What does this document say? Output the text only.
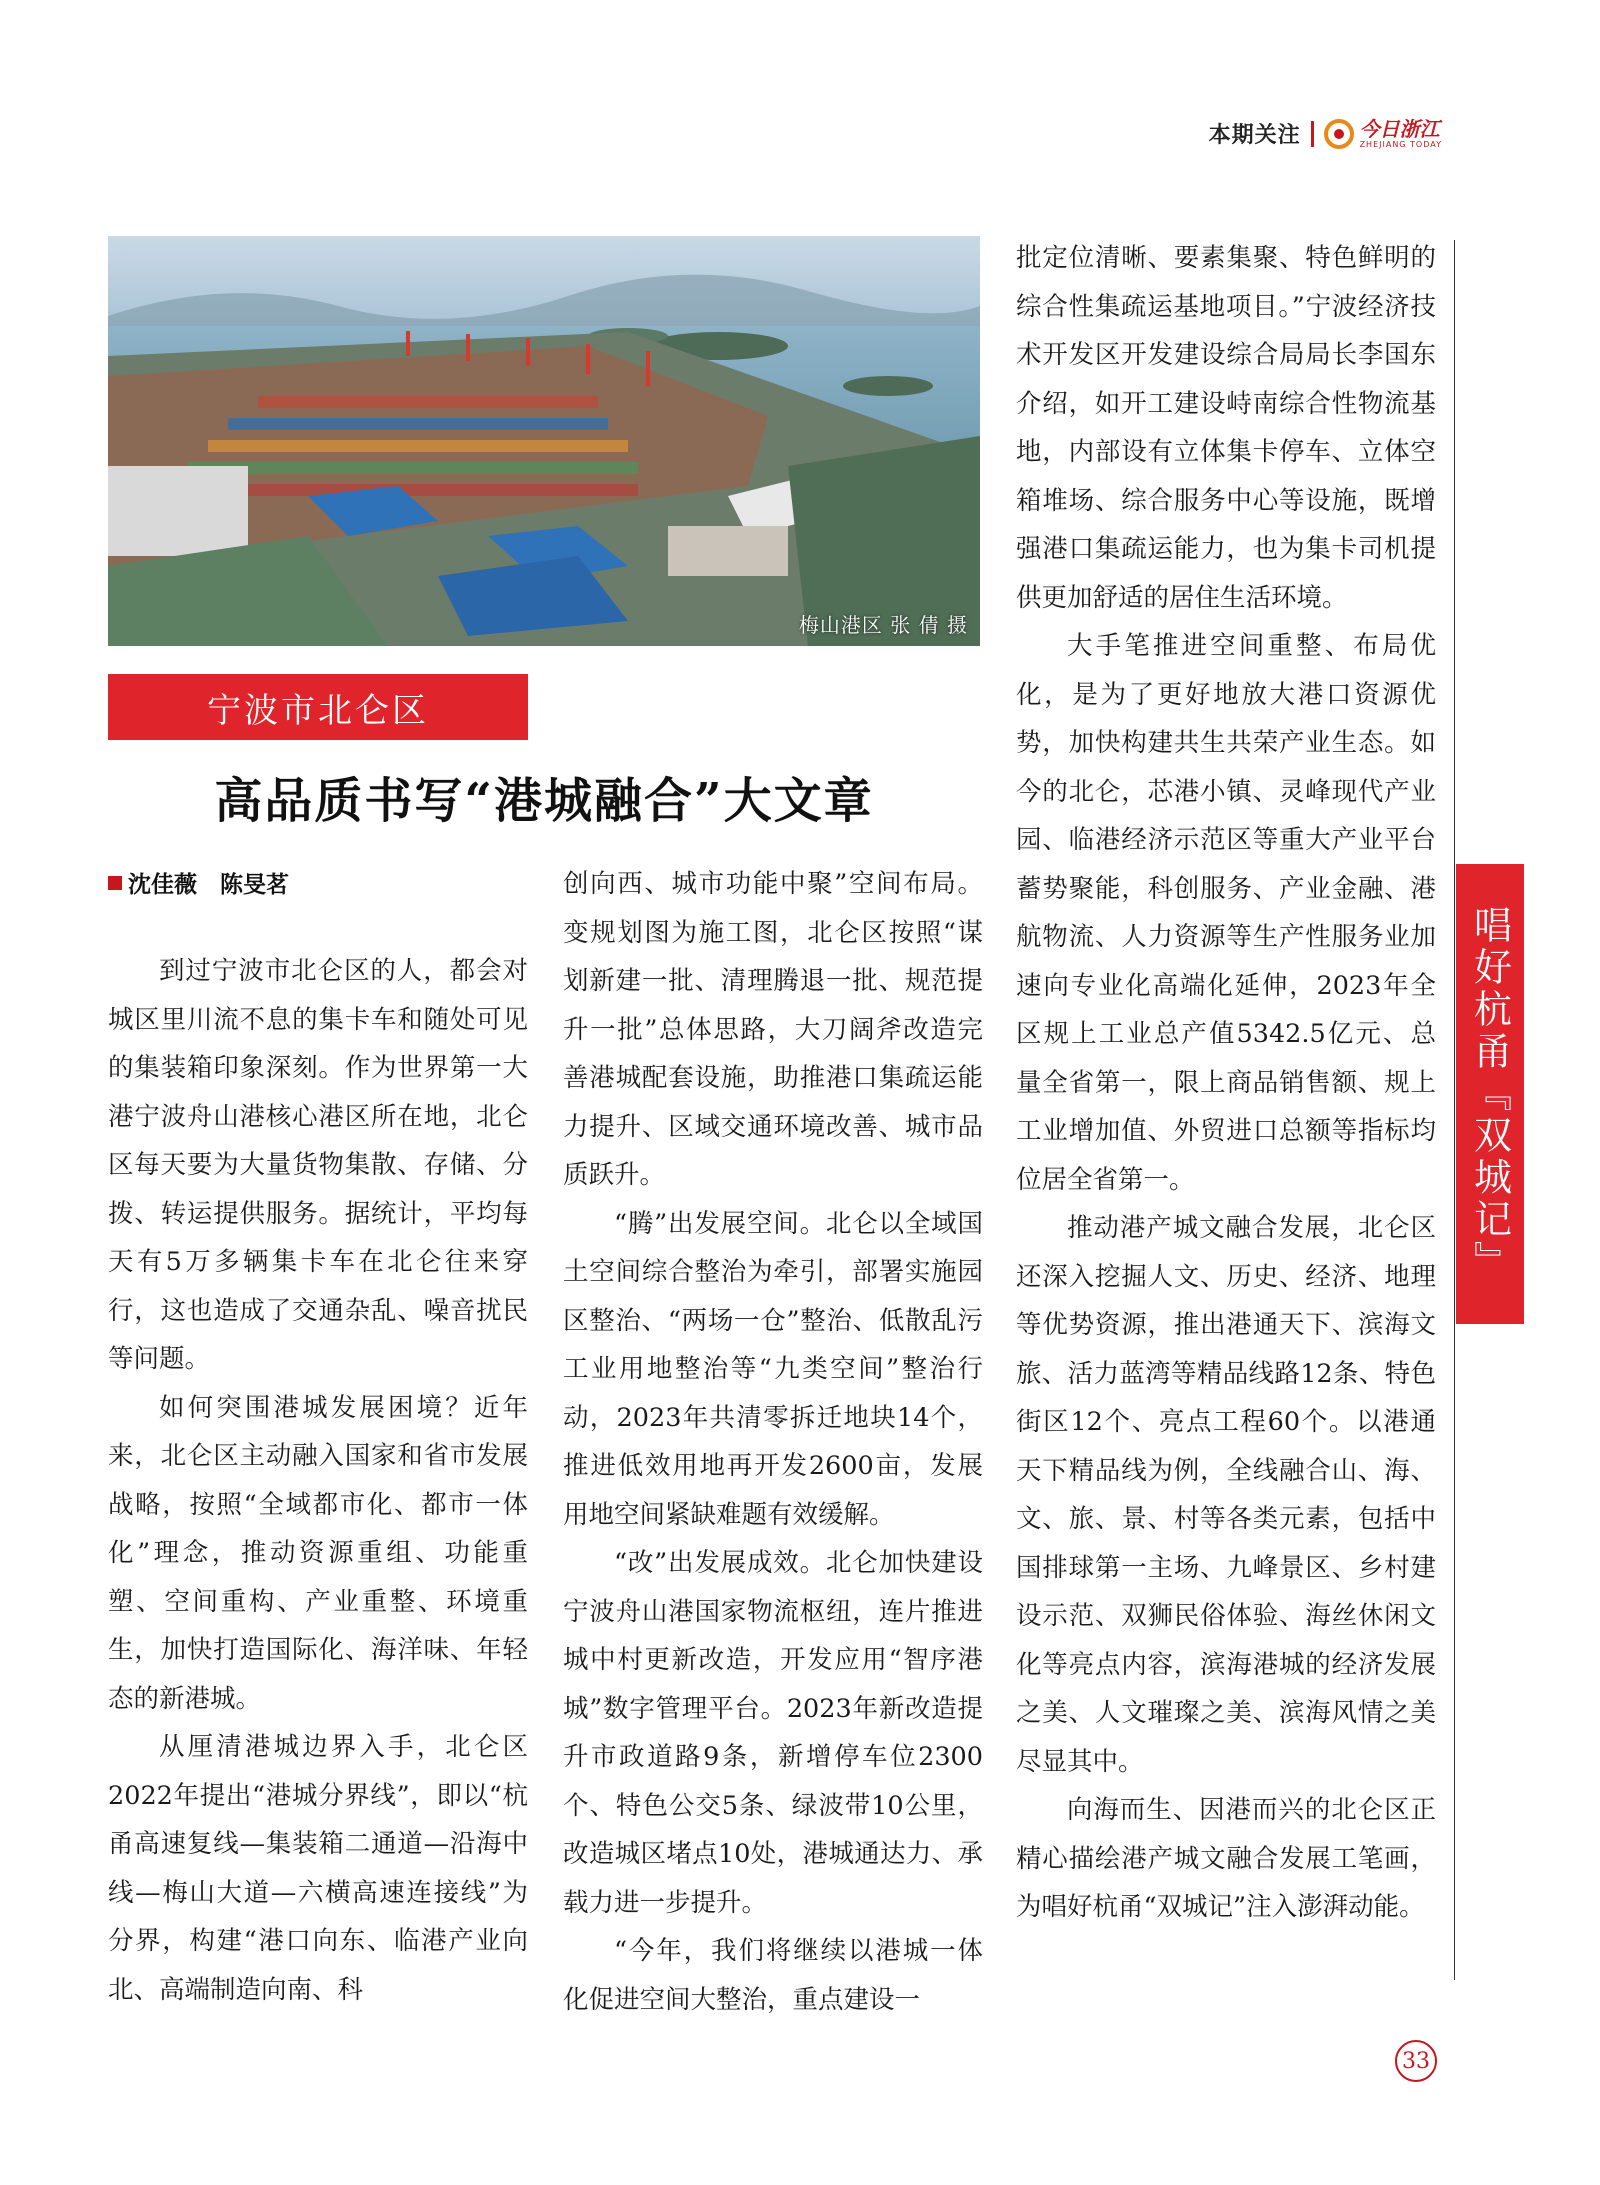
本期关注	今日浙江
ZHEJIANG TODAY
梅山港区 张 倩 摄
宁波市北仑区
高品质书写“港城融合”大文章
沈佳薇　陈旻茗

到过宁波市北仑区的人，都会对城区里川流不息的集卡车和随处可见的集装箱印象深刻。作为世界第一大港宁波舟山港核心港区所在地，北仑区每天要为大量货物集散、存储、分拨、转运提供服务。据统计，平均每天有5万多辆集卡车在北仑往来穿行，这也造成了交通杂乱、噪音扰民等问题。

如何突围港城发展困境？近年来，北仑区主动融入国家和省市发展战略，按照“全域都市化、都市一体化”理念，推动资源重组、功能重塑、空间重构、产业重整、环境重生，加快打造国际化、海洋味、年轻态的新港城。

从厘清港城边界入手，北仑区2022年提出“港城分界线”，即以“杭甬高速复线—集装箱二通道—沿海中线—梅山大道—六横高速连接线”为分界，构建“港口向东、临港产业向北、高端制造向南、科

创向西、城市功能中聚”空间布局。变规划图为施工图，北仑区按照“谋划新建一批、清理腾退一批、规范提升一批”总体思路，大刀阔斧改造完善港城配套设施，助推港口集疏运能力提升、区域交通环境改善、城市品质跃升。

“腾”出发展空间。北仑以全域国土空间综合整治为牵引，部署实施园区整治、“两场一仓”整治、低散乱污工业用地整治等“九类空间”整治行动，2023年共清零拆迁地块14个，推进低效用地再开发2600亩，发展用地空间紧缺难题有效缓解。

“改”出发展成效。北仑加快建设宁波舟山港国家物流枢纽，连片推进城中村更新改造，开发应用“智序港城”数字管理平台。2023年新改造提升市政道路9条，新增停车位2300个、特色公交5条、绿波带10公里，改造城区堵点10处，港城通达力、承载力进一步提升。

“今年，我们将继续以港城一体化促进空间大整治，重点建设一

批定位清晰、要素集聚、特色鲜明的综合性集疏运基地项目。”宁波经济技术开发区开发建设综合局局长李国东介绍，如开工建设峙南综合性物流基地，内部设有立体集卡停车、立体空箱堆场、综合服务中心等设施，既增强港口集疏运能力，也为集卡司机提供更加舒适的居住生活环境。

大手笔推进空间重整、布局优化，是为了更好地放大港口资源优势，加快构建共生共荣产业生态。如今的北仑，芯港小镇、灵峰现代产业园、临港经济示范区等重大产业平台蓄势聚能，科创服务、产业金融、港航物流、人力资源等生产性服务业加速向专业化高端化延伸，2023年全区规上工业总产值5342.5亿元、总量全省第一，限上商品销售额、规上工业增加值、外贸进口总额等指标均位居全省第一。

推动港产城文融合发展，北仑区还深入挖掘人文、历史、经济、地理等优势资源，推出港通天下、滨海文旅、活力蓝湾等精品线路12条、特色街区12个、亮点工程60个。以港通天下精品线为例，全线融合山、海、文、旅、景、村等各类元素，包括中国排球第一主场、九峰景区、乡村建设示范、双狮民俗体验、海丝休闲文化等亮点内容，滨海港城的经济发展之美、人文璀璨之美、滨海风情之美尽显其中。

向海而生、因港而兴的北仑区正精心描绘港产城文融合发展工笔画，为唱好杭甬“双城记”注入澎湃动能。

唱好杭甬『双城记』
33
